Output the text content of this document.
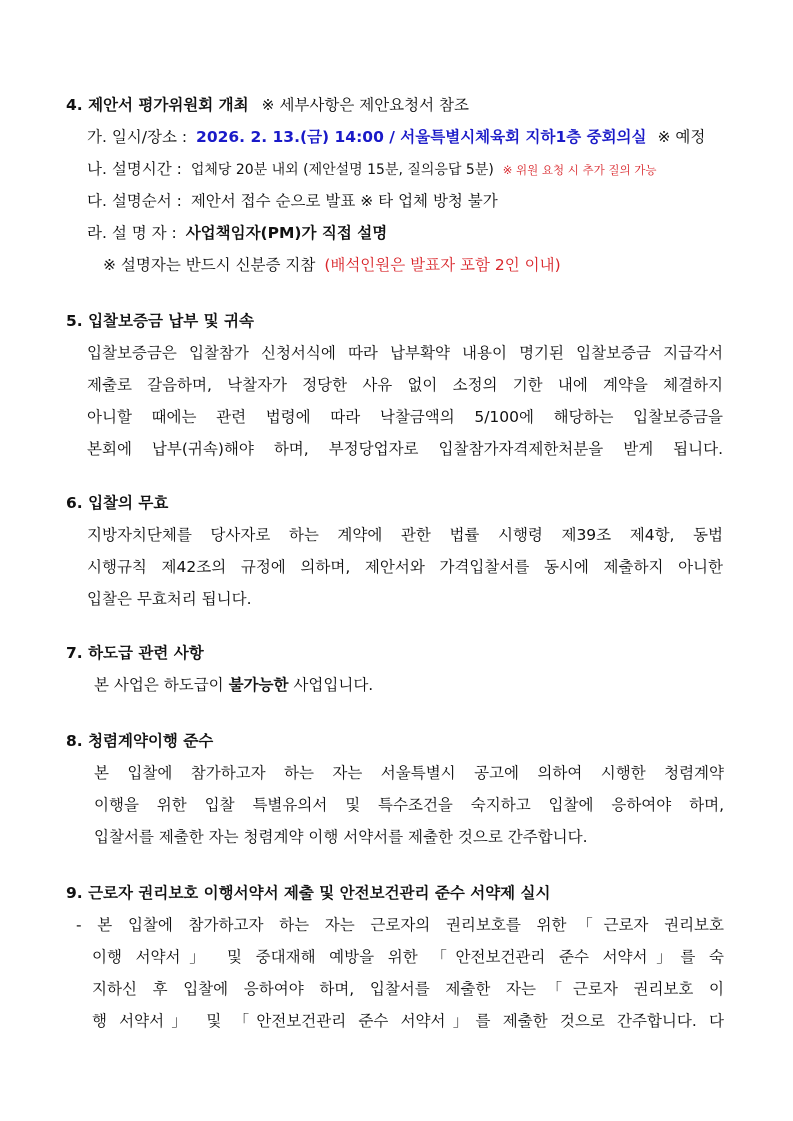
4. 제안서 평가위원회 개최 ※ 세부사항은 제안요청서 참조
가. 일시/장소 : 2026. 2. 13.(금) 14:00 / 서울특별시체육회 지하1층 중회의실 ※ 예정
나. 설명시간 : 업체당 20분 내외 (제안설명 15분, 질의응답 5분) ※ 위원 요청 시 추가 질의 가능
다. 설명순서 : 제안서 접수 순으로 발표 ※ 타 업체 방청 불가
라. 설 명 자 : 사업책임자(PM)가 직접 설명
※ 설명자는 반드시 신분증 지참 (배석인원은 발표자 포함 2인 이내)
5. 입찰보증금 납부 및 귀속
입찰보증금은 입찰참가 신청서식에 따라 납부확약 내용이 명기된 입찰보증금 지급각서
제출로 갈음하며, 낙찰자가 정당한 사유 없이 소정의 기한 내에 계약을 체결하지
아니할 때에는 관련 법령에 따라 낙찰금액의 5/100에 해당하는 입찰보증금을
본회에 납부(귀속)해야 하며, 부정당업자로 입찰참가자격제한처분을 받게 됩니다.
6. 입찰의 무효
지방자치단체를 당사자로 하는 계약에 관한 법률 시행령 제39조 제4항, 동법
시행규칙 제42조의 규정에 의하며, 제안서와 가격입찰서를 동시에 제출하지 아니한
입찰은 무효처리 됩니다.
7. 하도급 관련 사항
본 사업은 하도급이 불가능한 사업입니다.
8. 청렴계약이행 준수
본 입찰에 참가하고자 하는 자는 서울특별시 공고에 의하여 시행한 청렴계약
이행을 위한 입찰 특별유의서 및 특수조건을 숙지하고 입찰에 응하여야 하며,
입찰서를 제출한 자는 청렴계약 이행 서약서를 제출한 것으로 간주합니다.
9. 근로자 권리보호 이행서약서 제출 및 안전보건관리 준수 서약제 실시
- 본 입찰에 참가하고자 하는 자는 근로자의 권리보호를 위한「근로자 권리보호
이행 서약서」 및 중대재해 예방을 위한 「안전보건관리 준수 서약서」를 숙
지하신 후 입찰에 응하여야 하며, 입찰서를 제출한 자는「근로자 권리보호 이
행 서약서」 및 「안전보건관리 준수 서약서」를 제출한 것으로 간주합니다. 다
